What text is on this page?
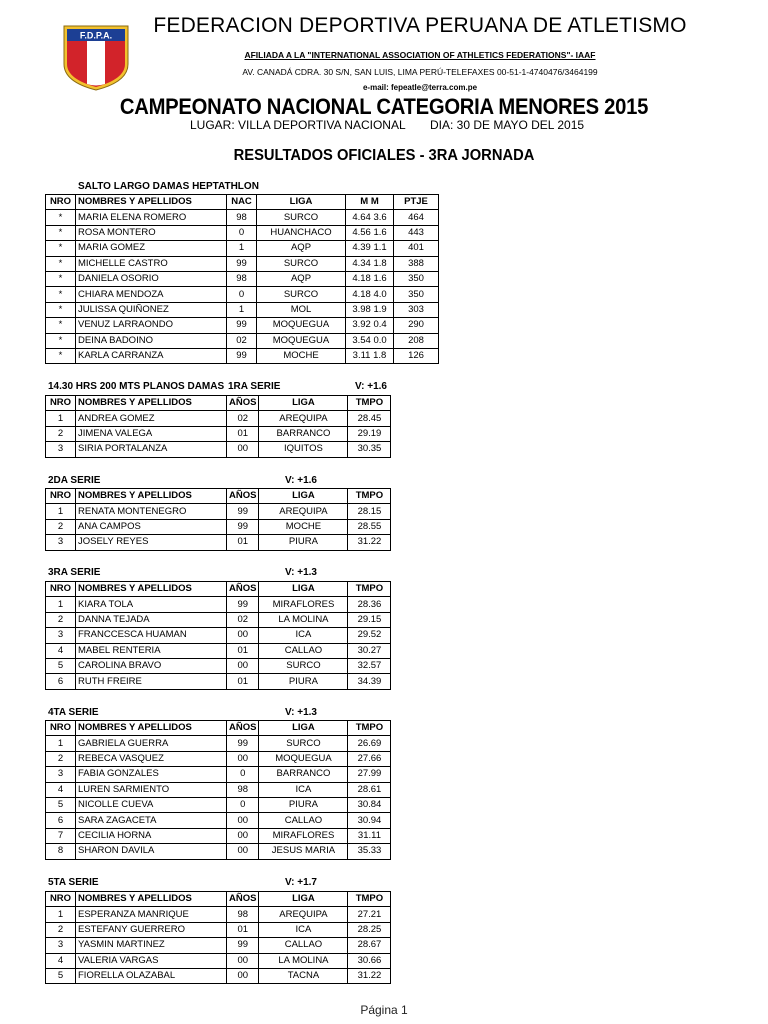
F.D.P.A.	FEDERACION DEPORTIVA PERUANA DE ATLETISMO
AFILIADA A LA "INTERNATIONAL ASSOCIATION OF ATHLETICS FEDERATIONS"- IAAF
AV. CANADÁ CDRA. 30 S/N, SAN LUIS, LIMA PERÚ-TELEFAXES 00-51-1-4740476/3464199
e-mail: fepeatle@terra.com.pe
CAMPEONATO NACIONAL CATEGORIA MENORES 2015
LUGAR: VILLA DEPORTIVA NACIONAL DIA: 30 DE MAYO DEL 2015
RESULTADOS OFICIALES - 3RA JORNADA
SALTO LARGO DAMAS HEPTATHLON
NRO	NOMBRES Y APELLIDOS	NAC	LIGA	M M	PTJE
*	MARIA ELENA ROMERO	98	SURCO	4.64 3.6	464
*	ROSA MONTERO	0	HUANCHACO	4.56 1.6	443
*	MARIA GOMEZ	1	AQP	4.39 1.1	401
*	MICHELLE CASTRO	99	SURCO	4.34 1.8	388
*	DANIELA OSORIO	98	AQP	4.18 1.6	350
*	CHIARA MENDOZA	0	SURCO	4.18 4.0	350
*	JULISSA QUIÑONEZ	1	MOL	3.98 1.9	303
*	VENUZ LARRAONDO	99	MOQUEGUA	3.92 0.4	290
*	DEINA BADOINO	02	MOQUEGUA	3.54 0.0	208
*	KARLA CARRANZA	99	MOCHE	3.11 1.8	126
14.30 HRS 200 MTS PLANOS DAMAS 1RA SERIE	V: +1.6
NRO	NOMBRES Y APELLIDOS	AÑOS	LIGA	TMPO
1	ANDREA GOMEZ	02	AREQUIPA	28.45
2	JIMENA VALEGA	01	BARRANCO	29.19
3	SIRIA PORTALANZA	00	IQUITOS	30.35
2DA SERIE	V: +1.6
NRO	NOMBRES Y APELLIDOS	AÑOS	LIGA	TMPO
1	RENATA MONTENEGRO	99	AREQUIPA	28.15
2	ANA CAMPOS	99	MOCHE	28.55
3	JOSELY REYES	01	PIURA	31.22
3RA SERIE	V: +1.3
NRO	NOMBRES Y APELLIDOS	AÑOS	LIGA	TMPO
1	KIARA TOLA	99	MIRAFLORES	28.36
2	DANNA TEJADA	02	LA MOLINA	29.15
3	FRANCCESCA HUAMAN	00	ICA	29.52
4	MABEL RENTERIA	01	CALLAO	30.27
5	CAROLINA BRAVO	00	SURCO	32.57
6	RUTH FREIRE	01	PIURA	34.39
4TA SERIE	V: +1.3
NRO	NOMBRES Y APELLIDOS	AÑOS	LIGA	TMPO
1	GABRIELA GUERRA	99	SURCO	26.69
2	REBECA VASQUEZ	00	MOQUEGUA	27.66
3	FABIA GONZALES	0	BARRANCO	27.99
4	LUREN SARMIENTO	98	ICA	28.61
5	NICOLLE CUEVA	0	PIURA	30.84
6	SARA ZAGACETA	00	CALLAO	30.94
7	CECILIA HORNA	00	MIRAFLORES	31.11
8	SHARON DAVILA	00	JESUS MARIA	35.33
5TA SERIE	V: +1.7
NRO	NOMBRES Y APELLIDOS	AÑOS	LIGA	TMPO
1	ESPERANZA MANRIQUE	98	AREQUIPA	27.21
2	ESTEFANY GUERRERO	01	ICA	28.25
3	YASMIN MARTINEZ	99	CALLAO	28.67
4	VALERIA VARGAS	00	LA MOLINA	30.66
5	FIORELLA OLAZABAL	00	TACNA	31.22
Página 1
